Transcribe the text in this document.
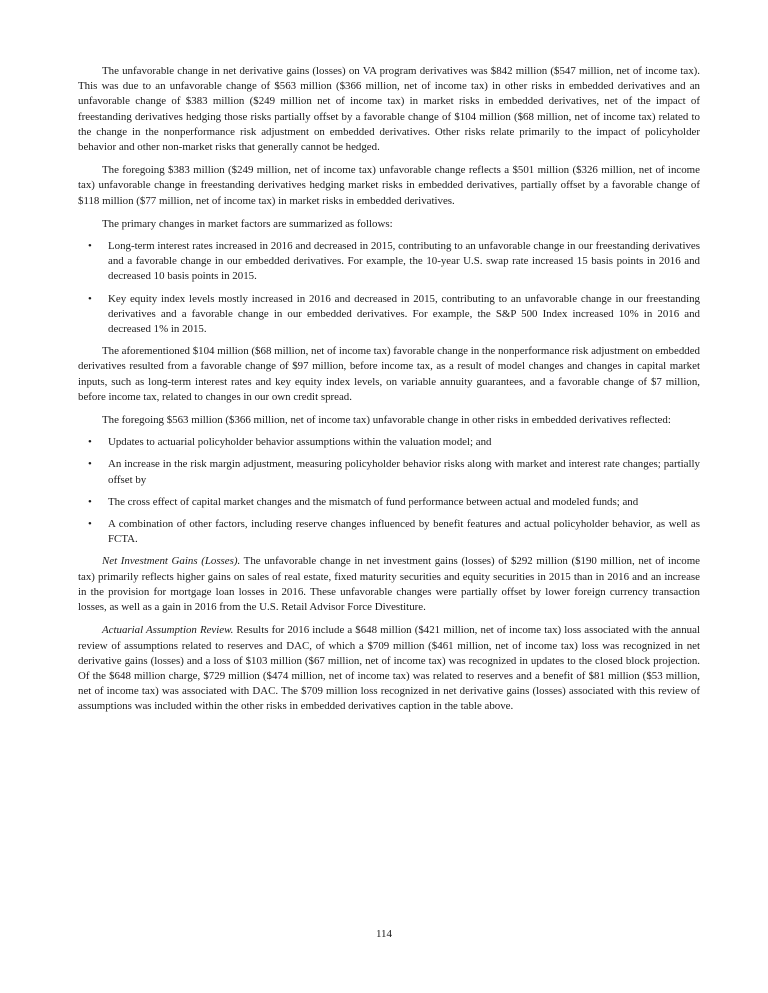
The unfavorable change in net derivative gains (losses) on VA program derivatives was $842 million ($547 million, net of income tax). This was due to an unfavorable change of $563 million ($366 million, net of income tax) in other risks in embedded derivatives and an unfavorable change of $383 million ($249 million net of income tax) in market risks in embedded derivatives, net of the impact of freestanding derivatives hedging those risks partially offset by a favorable change of $104 million ($68 million, net of income tax) related to the change in the nonperformance risk adjustment on embedded derivatives. Other risks relate primarily to the impact of policyholder behavior and other non-market risks that generally cannot be hedged.

The foregoing $383 million ($249 million, net of income tax) unfavorable change reflects a $501 million ($326 million, net of income tax) unfavorable change in freestanding derivatives hedging market risks in embedded derivatives, partially offset by a favorable change of $118 million ($77 million, net of income tax) in market risks in embedded derivatives.

The primary changes in market factors are summarized as follows:

• Long-term interest rates increased in 2016 and decreased in 2015, contributing to an unfavorable change in our freestanding derivatives and a favorable change in our embedded derivatives. For example, the 10-year U.S. swap rate increased 15 basis points in 2016 and decreased 10 basis points in 2015.
• Key equity index levels mostly increased in 2016 and decreased in 2015, contributing to an unfavorable change in our freestanding derivatives and a favorable change in our embedded derivatives. For example, the S&P 500 Index increased 10% in 2016 and decreased 1% in 2015.

The aforementioned $104 million ($68 million, net of income tax) favorable change in the nonperformance risk adjustment on embedded derivatives resulted from a favorable change of $97 million, before income tax, as a result of model changes and changes in capital market inputs, such as long-term interest rates and key equity index levels, on variable annuity guarantees, and a favorable change of $7 million, before income tax, related to changes in our own credit spread.

The foregoing $563 million ($366 million, net of income tax) unfavorable change in other risks in embedded derivatives reflected:

• Updates to actuarial policyholder behavior assumptions within the valuation model; and
• An increase in the risk margin adjustment, measuring policyholder behavior risks along with market and interest rate changes; partially offset by
• The cross effect of capital market changes and the mismatch of fund performance between actual and modeled funds; and
• A combination of other factors, including reserve changes influenced by benefit features and actual policyholder behavior, as well as FCTA.

Net Investment Gains (Losses). The unfavorable change in net investment gains (losses) of $292 million ($190 million, net of income tax) primarily reflects higher gains on sales of real estate, fixed maturity securities and equity securities in 2015 than in 2016 and an increase in the provision for mortgage loan losses in 2016. These unfavorable changes were partially offset by lower foreign currency transaction losses, as well as a gain in 2016 from the U.S. Retail Advisor Force Divestiture.

Actuarial Assumption Review. Results for 2016 include a $648 million ($421 million, net of income tax) loss associated with the annual review of assumptions related to reserves and DAC, of which a $709 million ($461 million, net of income tax) loss was recognized in net derivative gains (losses) and a loss of $103 million ($67 million, net of income tax) was recognized in updates to the closed block projection. Of the $648 million charge, $729 million ($474 million, net of income tax) was related to reserves and a benefit of $81 million ($53 million, net of income tax) was associated with DAC. The $709 million loss recognized in net derivative gains (losses) associated with this review of assumptions was included within the other risks in embedded derivatives caption in the table above.

114
